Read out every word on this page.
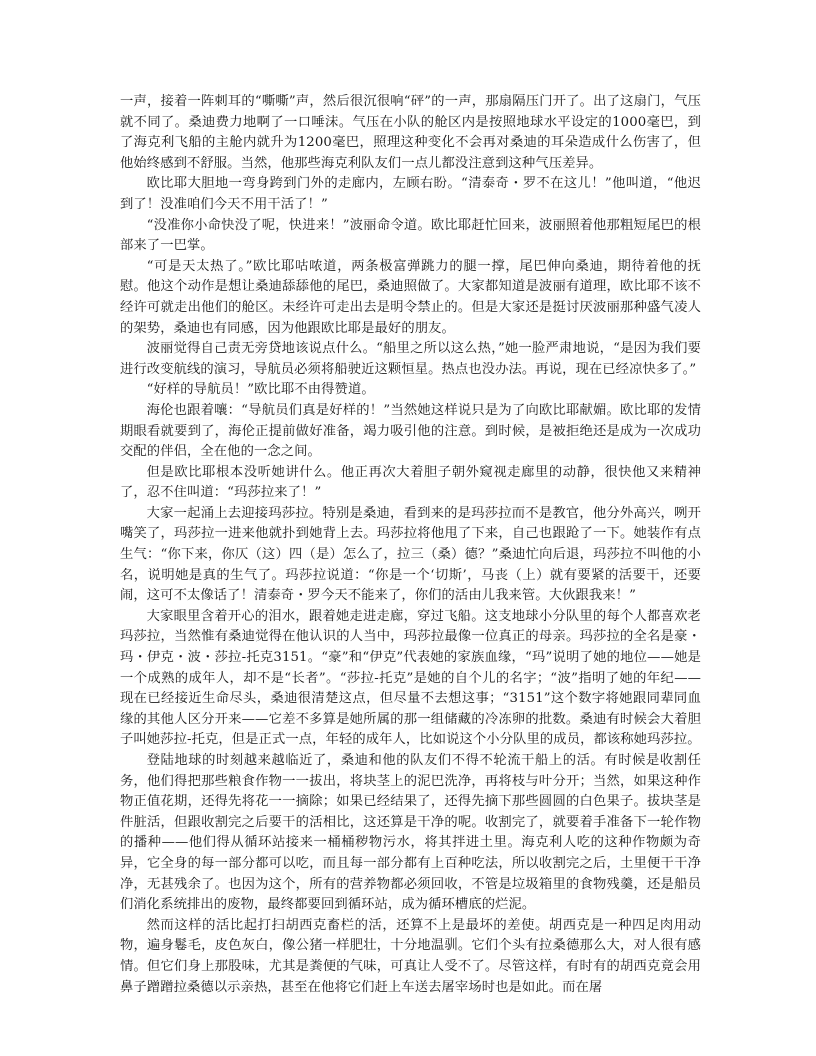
一声，接着一阵刺耳的“嘶嘶”声，然后很沉很响“砰”的一声，那扇隔压门开了。出了这扇门，气压就不同了。桑迪费力地啊了一口唾沫。气压在小队的舱区内是按照地球水平设定的1000毫巴，到了海克利飞船的主舱内就升为1200毫巴，照理这种变化不会再对桑迪的耳朵造成什么伤害了，但他始终感到不舒服。当然，他那些海克利队友们一点儿都没注意到这种气压差异。

欧比耶大胆地一弯身跨到门外的走廊内，左顾右盼。“清泰奇・罗不在这儿！”他叫道，“他迟到了！没准咱们今天不用干活了！”

“没准你小命快没了呢，快进来！”波丽命令道。欧比耶赶忙回来，波丽照着他那粗短尾巴的根部来了一巴掌。

“可是天太热了。”欧比耶咕哝道，两条极富弹跳力的腿一撑，尾巴伸向桑迪，期待着他的抚慰。他这个动作是想让桑迪舔舔他的尾巴，桑迪照做了。大家都知道是波丽有道理，欧比耶不该不经许可就走出他们的舱区。未经许可走出去是明令禁止的。但是大家还是挺讨厌波丽那种盛气凌人的架势，桑迪也有同感，因为他跟欧比耶是最好的朋友。

波丽觉得自己责无旁贷地该说点什么。“船里之所以这么热，”她一脸严肃地说，“是因为我们要进行改变航线的演习，导航员必须将船驶近这颗恒星。热点也没办法。再说，现在已经凉快多了。”

“好样的导航员！”欧比耶不由得赞道。

海伦也跟着嚷：“导航员们真是好样的！”当然她这样说只是为了向欧比耶献媚。欧比耶的发情期眼看就要到了，海伦正提前做好准备，竭力吸引他的注意。到时候，是被拒绝还是成为一次成功交配的伴侣，全在他的一念之间。

但是欧比耶根本没听她讲什么。他正再次大着胆子朝外窥视走廊里的动静，很快他又来精神了，忍不住叫道：“玛莎拉来了！”

大家一起涌上去迎接玛莎拉。特别是桑迪，看到来的是玛莎拉而不是教官，他分外高兴，咧开嘴笑了，玛莎拉一进来他就扑到她背上去。玛莎拉将他甩了下来，自己也跟跄了一下。她装作有点生气：“你下来，你仄（这）四（是）怎么了，拉三（桑）德？”桑迪忙向后退，玛莎拉不叫他的小名，说明她是真的生气了。玛莎拉说道：“你是一个‘切斯’，马丧（上）就有要紧的活要干，还要闹，这可不太像话了！清泰奇・罗今天不能来了，你们的活由儿我来管。大伙跟我来！”

大家眼里含着开心的泪水，跟着她走进走廊，穿过飞船。这支地球小分队里的每个人都喜欢老玛莎拉，当然惟有桑迪觉得在他认识的人当中，玛莎拉最像一位真正的母亲。玛莎拉的全名是豪・玛・伊克・波・莎拉-托克3151。“豪”和“伊克”代表她的家族血缘，“玛”说明了她的地位——她是一个成熟的成年人，却不是“长者”。“莎拉-托克”是她的自个儿的名字；“波”指明了她的年纪——现在已经接近生命尽头，桑迪很清楚这点，但尽量不去想这事；“3151”这个数字将她跟同辈同血缘的其他人区分开来——它差不多算是她所属的那一组储藏的冷冻卵的批数。桑迪有时候会大着胆子叫她莎拉-托克，但是正式一点，年轻的成年人，比如说这个小分队里的成员，都该称她玛莎拉。

登陆地球的时刻越来越临近了，桑迪和他的队友们不得不轮流干船上的活。有时候是收割任务，他们得把那些粮食作物一一拔出，将块茎上的泥巴洗净，再将枝与叶分开；当然，如果这种作物正值花期，还得先将花一一摘除；如果已经结果了，还得先摘下那些圆圆的白色果子。拔块茎是件脏活，但跟收割完之后要干的活相比，这还算是干净的呢。收割完了，就要着手准备下一轮作物的播种——他们得从循环站接来一桶桶秽物污水，将其拌进土里。海克利人吃的这种作物颇为奇异，它全身的每一部分都可以吃，而且每一部分都有上百种吃法，所以收割完之后，土里便干干净净，无甚残余了。也因为这个，所有的营养物都必须回收，不管是垃圾箱里的食物残羹，还是船员们消化系统排出的废物，最终都要回到循环站，成为循环槽底的烂泥。

然而这样的活比起打扫胡西克畜栏的活，还算不上是最坏的差使。胡西克是一种四足肉用动物，遍身鬈毛，皮色灰白，像公猪一样肥壮，十分地温驯。它们个头有拉桑德那么大，对人很有感情。但它们身上那股味，尤其是粪便的气味，可真让人受不了。尽管这样，有时有的胡西克竟会用鼻子蹭蹭拉桑德以示亲热，甚至在他将它们赶上车送去屠宰场时也是如此。而在屠
